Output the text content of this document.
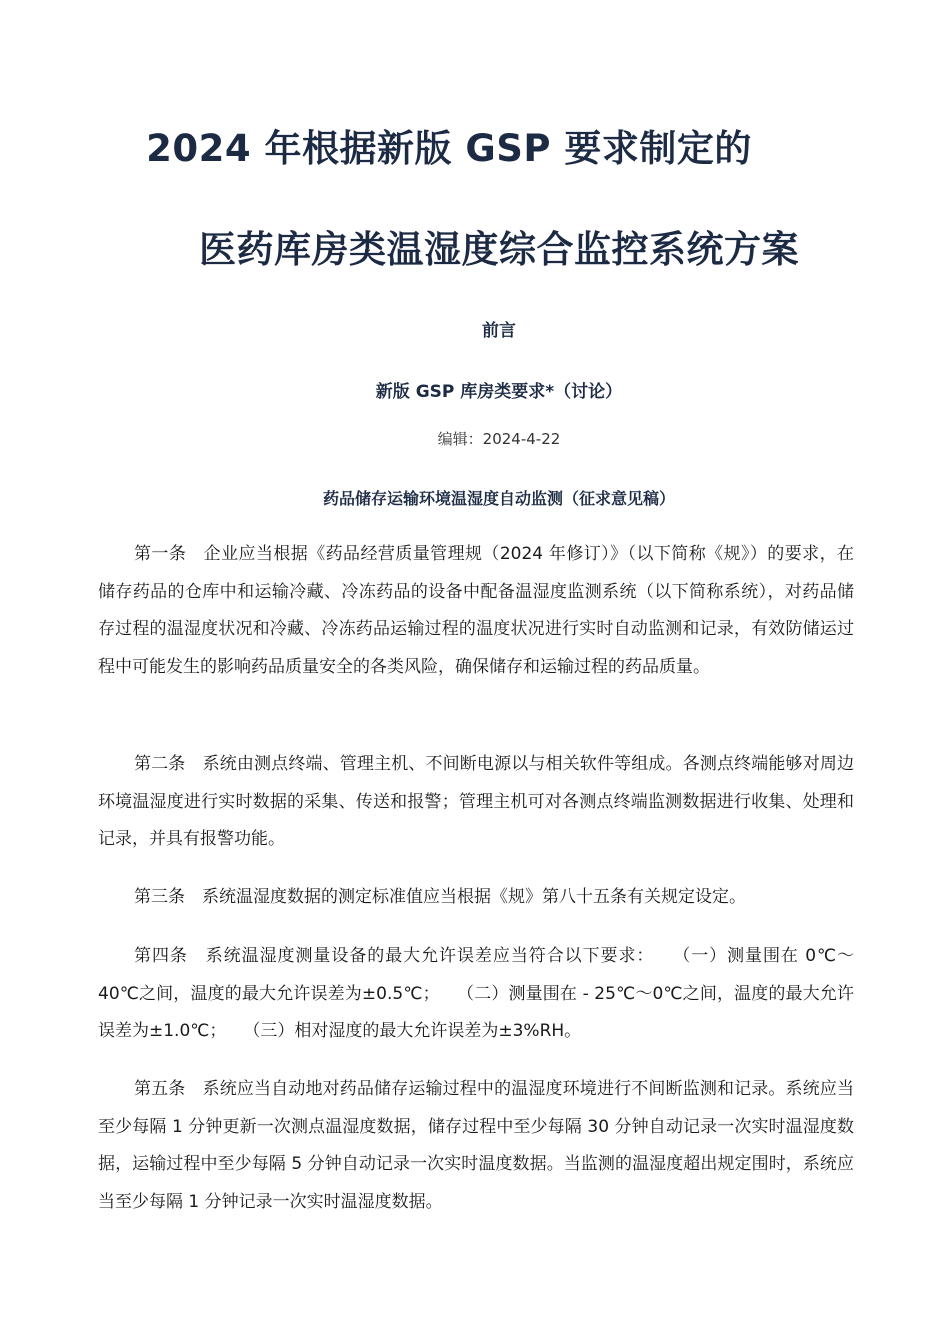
2024 年根据新版 GSP 要求制定的
医药库房类温湿度综合监控系统方案
前言
新版 GSP 库房类要求*（讨论）
编辑：2024-4-22
药品储存运输环境温湿度自动监测（征求意见稿）
第一条　企业应当根据《药品经营质量管理规（2024 年修订）》（以下简称《规》）的要求，在储存药品的仓库中和运输冷藏、冷冻药品的设备中配备温湿度监测系统（以下简称系统），对药品储存过程的温湿度状况和冷藏、冷冻药品运输过程的温度状况进行实时自动监测和记录，有效防储运过程中可能发生的影响药品质量安全的各类风险，确保储存和运输过程的药品质量。
第二条　系统由测点终端、管理主机、不间断电源以与相关软件等组成。各测点终端能够对周边环境温湿度进行实时数据的采集、传送和报警；管理主机可对各测点终端监测数据进行收集、处理和记录，并具有报警功能。
第三条　系统温湿度数据的测定标准值应当根据《规》第八十五条有关规定设定。
第四条　系统温湿度测量设备的最大允许误差应当符合以下要求：　　（一）测量围在 0℃～40℃之间，温度的最大允许误差为±0.5℃；　　（二）测量围在 - 25℃～0℃之间，温度的最大允许误差为±1.0℃；　　（三）相对湿度的最大允许误差为±3%RH。
第五条　系统应当自动地对药品储存运输过程中的温湿度环境进行不间断监测和记录。系统应当至少每隔 1 分钟更新一次测点温湿度数据，储存过程中至少每隔 30 分钟自动记录一次实时温湿度数据，运输过程中至少每隔 5 分钟自动记录一次实时温度数据。当监测的温湿度超出规定围时，系统应当至少每隔 1 分钟记录一次实时温湿度数据。
